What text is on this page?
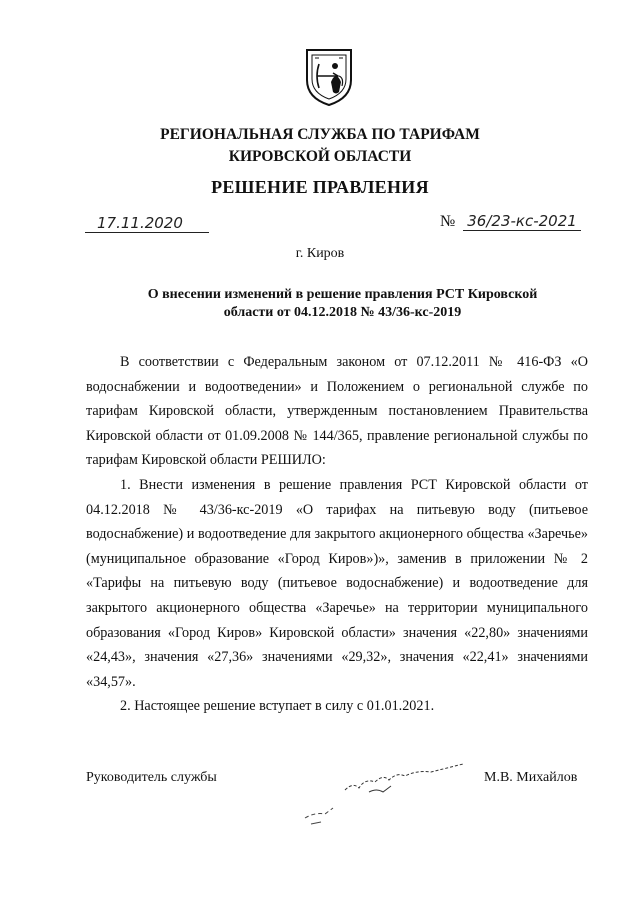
РЕГИОНАЛЬНАЯ СЛУЖБА ПО ТАРИФАМ
КИРОВСКОЙ ОБЛАСТИ
РЕШЕНИЕ ПРАВЛЕНИЯ
17.11.2020	№ 36/23-кс-2021
г. Киров
О внесении изменений в решение правления РСТ Кировской
области от 04.12.2018 № 43/36-кс-2019

В соответствии с Федеральным законом от 07.12.2011 № 416-ФЗ «О водоснабжении и водоотведении» и Положением о региональной службе по тарифам Кировской области, утвержденным постановлением Правительства Кировской области от 01.09.2008 № 144/365, правление региональной службы по тарифам Кировской области РЕШИЛО:

1. Внести изменения в решение правления РСТ Кировской области от 04.12.2018 № 43/36-кс-2019 «О тарифах на питьевую воду (питьевое водоснабжение) и водоотведение для закрытого акционерного общества «Заречье» (муниципальное образование «Город Киров»)», заменив в приложении № 2 «Тарифы на питьевую воду (питьевое водоснабжение) и водоотведение для закрытого акционерного общества «Заречье» на территории муниципального образования «Город Киров» Кировской области» значения «22,80» значениями «24,43», значения «27,36» значениями «29,32», значения «22,41» значениями «34,57».

2. Настоящее решение вступает в силу с 01.01.2021.

Руководитель службы	М.В. Михайлов
